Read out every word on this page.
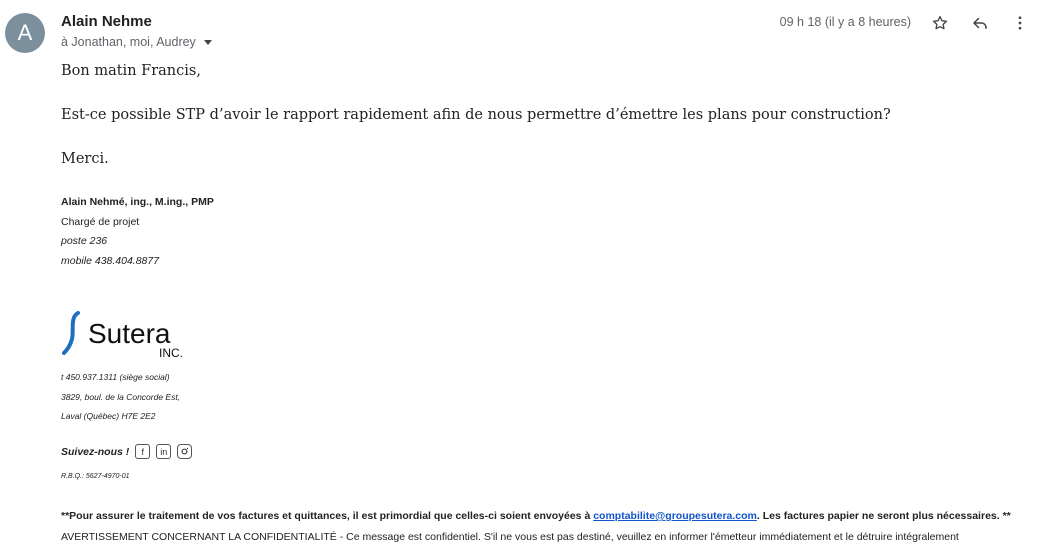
A	Alain Nehme
à Jonathan, moi, Audrey
09 h 18 (il y a 8 heures)
Bon matin Francis,
Est-ce possible STP d’avoir le rapport rapidement afin de nous permettre d’émettre les plans pour construction?
Merci.
Alain Nehmé, ing., M.ing., PMP
Chargé de projet
poste 236
mobile 438.404.8877
Sutera
INC.
t 450.937.1311 (siège social)
3829, boul. de la Concorde Est,
Laval (Québec) H7E 2E2
Suivez-nous !	f	in
R.B.Q.: 5627-4970-01
**Pour assurer le traitement de vos factures et quittances, il est primordial que celles-ci soient envoyées à comptabilite@groupesutera.com. Les factures papier ne seront plus nécessaires. **
AVERTISSEMENT CONCERNANT LA CONFIDENTIALITÉ - Ce message est confidentiel. S'il ne vous est pas destiné, veuillez en informer l'émetteur immédiatement et le détruire intégralement
